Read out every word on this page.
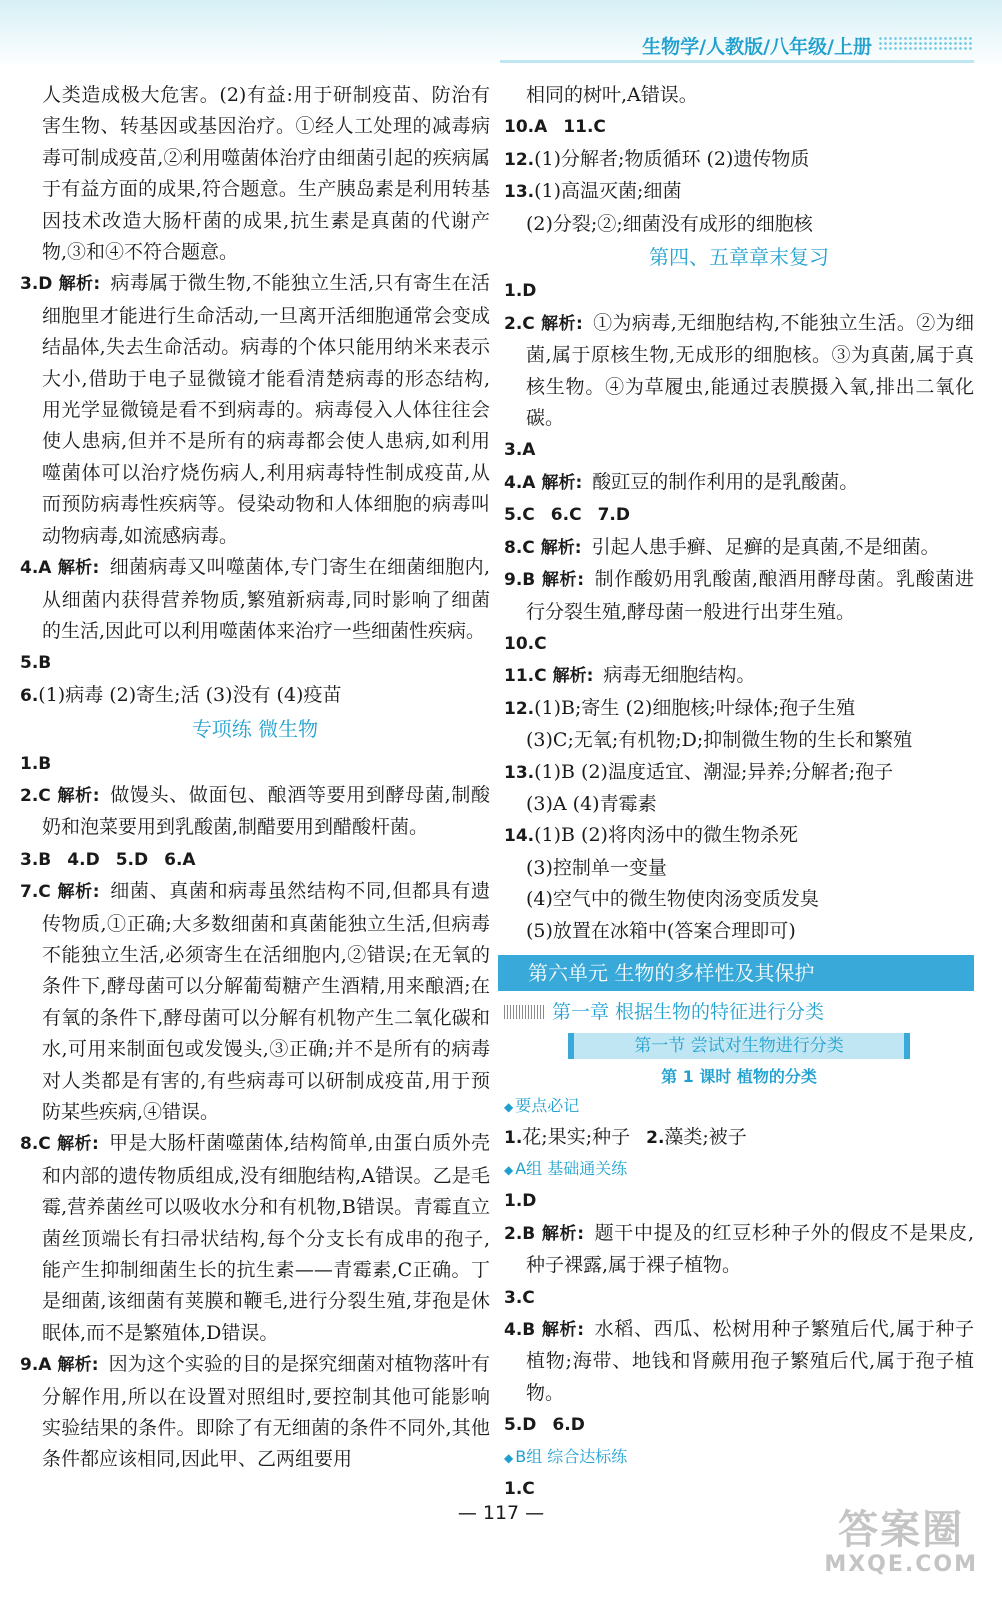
生物学/人教版/八年级/上册

人类造成极大危害。(2)有益:用于研制疫苗、防治有害生物、转基因或基因治疗。①经人工处理的减毒病毒可制成疫苗,②利用噬菌体治疗由细菌引起的疾病属于有益方面的成果,符合题意。生产胰岛素是利用转基因技术改造大肠杆菌的成果,抗生素是真菌的代谢产物,③和④不符合题意。

3.D 解析: 病毒属于微生物,不能独立生活,只有寄生在活细胞里才能进行生命活动,一旦离开活细胞通常会变成结晶体,失去生命活动。病毒的个体只能用纳米来表示大小,借助于电子显微镜才能看清楚病毒的形态结构,用光学显微镜是看不到病毒的。病毒侵入人体往往会使人患病,但并不是所有的病毒都会使人患病,如利用噬菌体可以治疗烧伤病人,利用病毒特性制成疫苗,从而预防病毒性疾病等。侵染动物和人体细胞的病毒叫动物病毒,如流感病毒。

4.A 解析: 细菌病毒又叫噬菌体,专门寄生在细菌细胞内,从细菌内获得营养物质,繁殖新病毒,同时影响了细菌的生活,因此可以利用噬菌体来治疗一些细菌性疾病。

5.B

6.(1)病毒 (2)寄生;活 (3)没有 (4)疫苗

专项练 微生物

1.B

2.C 解析: 做馒头、做面包、酿酒等要用到酵母菌,制酸奶和泡菜要用到乳酸菌,制醋要用到醋酸杆菌。

3.B 4.D 5.D 6.A

7.C 解析: 细菌、真菌和病毒虽然结构不同,但都具有遗传物质,①正确;大多数细菌和真菌能独立生活,但病毒不能独立生活,必须寄生在活细胞内,②错误;在无氧的条件下,酵母菌可以分解葡萄糖产生酒精,用来酿酒;在有氧的条件下,酵母菌可以分解有机物产生二氧化碳和水,可用来制面包或发馒头,③正确;并不是所有的病毒对人类都是有害的,有些病毒可以研制成疫苗,用于预防某些疾病,④错误。

8.C 解析: 甲是大肠杆菌噬菌体,结构简单,由蛋白质外壳和内部的遗传物质组成,没有细胞结构,A错误。乙是毛霉,营养菌丝可以吸收水分和有机物,B错误。青霉直立菌丝顶端长有扫帚状结构,每个分支长有成串的孢子,能产生抑制细菌生长的抗生素——青霉素,C正确。丁是细菌,该细菌有荚膜和鞭毛,进行分裂生殖,芽孢是休眠体,而不是繁殖体,D错误。

9.A 解析: 因为这个实验的目的是探究细菌对植物落叶有分解作用,所以在设置对照组时,要控制其他可能影响实验结果的条件。即除了有无细菌的条件不同外,其他条件都应该相同,因此甲、乙两组要用

相同的树叶,A错误。

10.A 11.C

12.(1)分解者;物质循环 (2)遗传物质

13.(1)高温灭菌;细菌

(2)分裂;②;细菌没有成形的细胞核

第四、五章章末复习

1.D

2.C 解析: ①为病毒,无细胞结构,不能独立生活。②为细菌,属于原核生物,无成形的细胞核。③为真菌,属于真核生物。④为草履虫,能通过表膜摄入氧,排出二氧化碳。

3.A

4.A 解析: 酸豇豆的制作利用的是乳酸菌。

5.C 6.C 7.D

8.C 解析: 引起人患手癣、足癣的是真菌,不是细菌。

9.B 解析: 制作酸奶用乳酸菌,酿酒用酵母菌。乳酸菌进行分裂生殖,酵母菌一般进行出芽生殖。

10.C

11.C 解析: 病毒无细胞结构。

12.(1)B;寄生 (2)细胞核;叶绿体;孢子生殖

(3)C;无氧;有机物;D;抑制微生物的生长和繁殖

13.(1)B (2)温度适宜、潮湿;异养;分解者;孢子

(3)A (4)青霉素

14.(1)B (2)将肉汤中的微生物杀死

(3)控制单一变量

(4)空气中的微生物使肉汤变质发臭

(5)放置在冰箱中(答案合理即可)

第六单元 生物的多样性及其保护
第一章 根据生物的特征进行分类
第一节 尝试对生物进行分类
第 1 课时 植物的分类
◆ 要点必记

1.花;果实;种子 2.藻类;被子

◆ A组 基础通关练

1.D

2.B 解析: 题干中提及的红豆杉种子外的假皮不是果皮,种子裸露,属于裸子植物。

3.C

4.B 解析: 水稻、西瓜、松树用种子繁殖后代,属于种子植物;海带、地钱和肾蕨用孢子繁殖后代,属于孢子植物。

5.D 6.D

◆ B组 综合达标练

1.C

— 117 —	答案圈
MXQE.COM
